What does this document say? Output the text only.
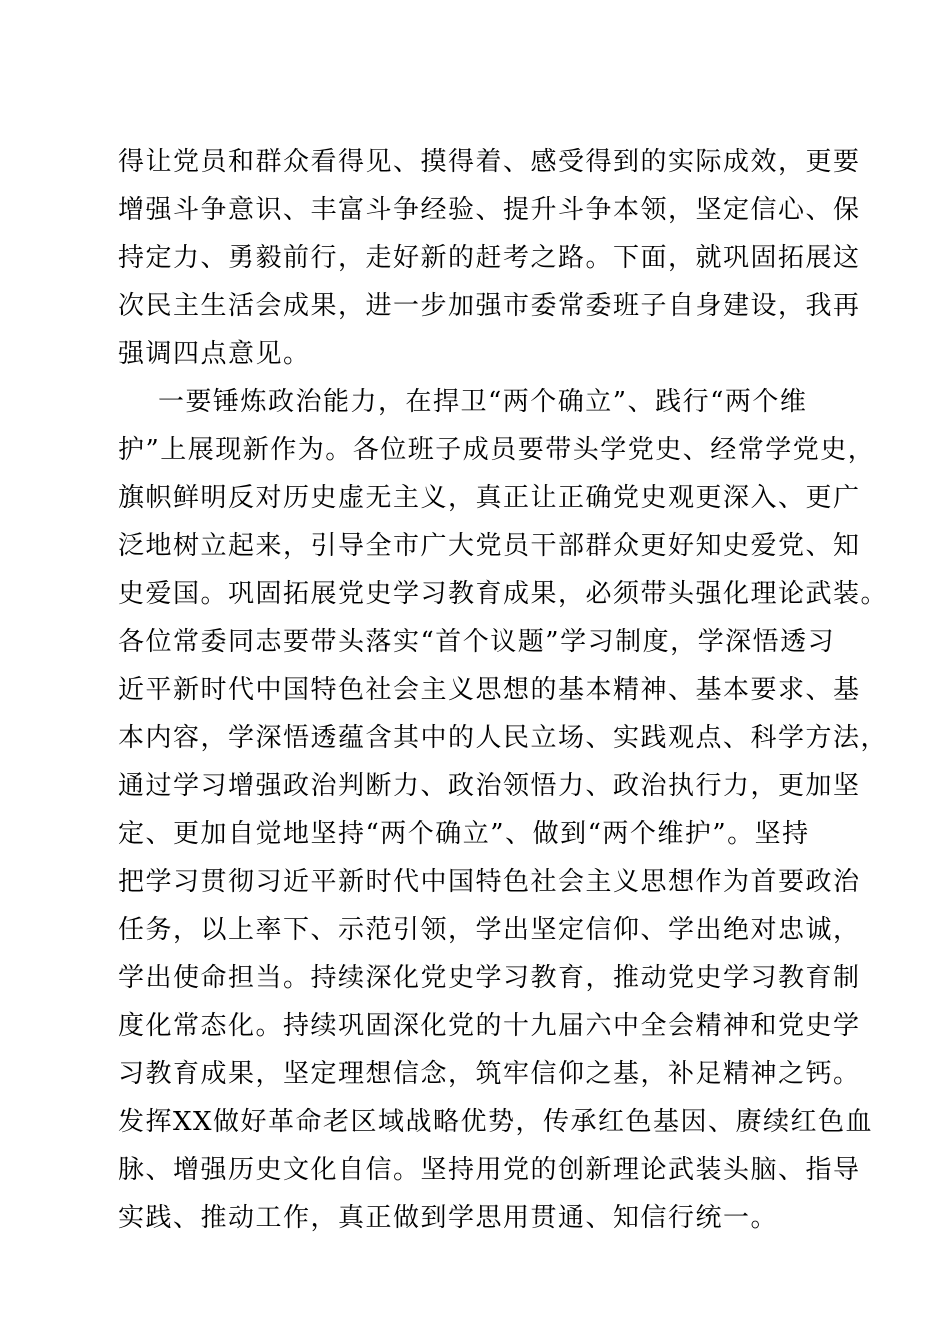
得让党员和群众看得见、摸得着、感受得到的实际成效，更要
增强斗争意识、丰富斗争经验、提升斗争本领，坚定信心、保
持定力、勇毅前行，走好新的赶考之路。下面，就巩固拓展这
次民主生活会成果，进一步加强市委常委班子自身建设，我再
强调四点意见。
一要锤炼政治能力，在捍卫“两个确立”、践行“两个维
护”上展现新作为。各位班子成员要带头学党史、经常学党史，
旗帜鲜明反对历史虚无主义，真正让正确党史观更深入、更广
泛地树立起来，引导全市广大党员干部群众更好知史爱党、知
史爱国。巩固拓展党史学习教育成果，必须带头强化理论武装。
各位常委同志要带头落实“首个议题”学习制度，学深悟透习
近平新时代中国特色社会主义思想的基本精神、基本要求、基
本内容，学深悟透蕴含其中的人民立场、实践观点、科学方法，
通过学习增强政治判断力、政治领悟力、政治执行力，更加坚
定、更加自觉地坚持“两个确立”、做到“两个维护”。坚持
把学习贯彻习近平新时代中国特色社会主义思想作为首要政治
任务，以上率下、示范引领，学出坚定信仰、学出绝对忠诚，
学出使命担当。持续深化党史学习教育，推动党史学习教育制
度化常态化。持续巩固深化党的十九届六中全会精神和党史学
习教育成果，坚定理想信念，筑牢信仰之基，补足精神之钙。
发挥XX做好革命老区域战略优势，传承红色基因、赓续红色血
脉、增强历史文化自信。坚持用党的创新理论武装头脑、指导
实践、推动工作，真正做到学思用贯通、知信行统一。
